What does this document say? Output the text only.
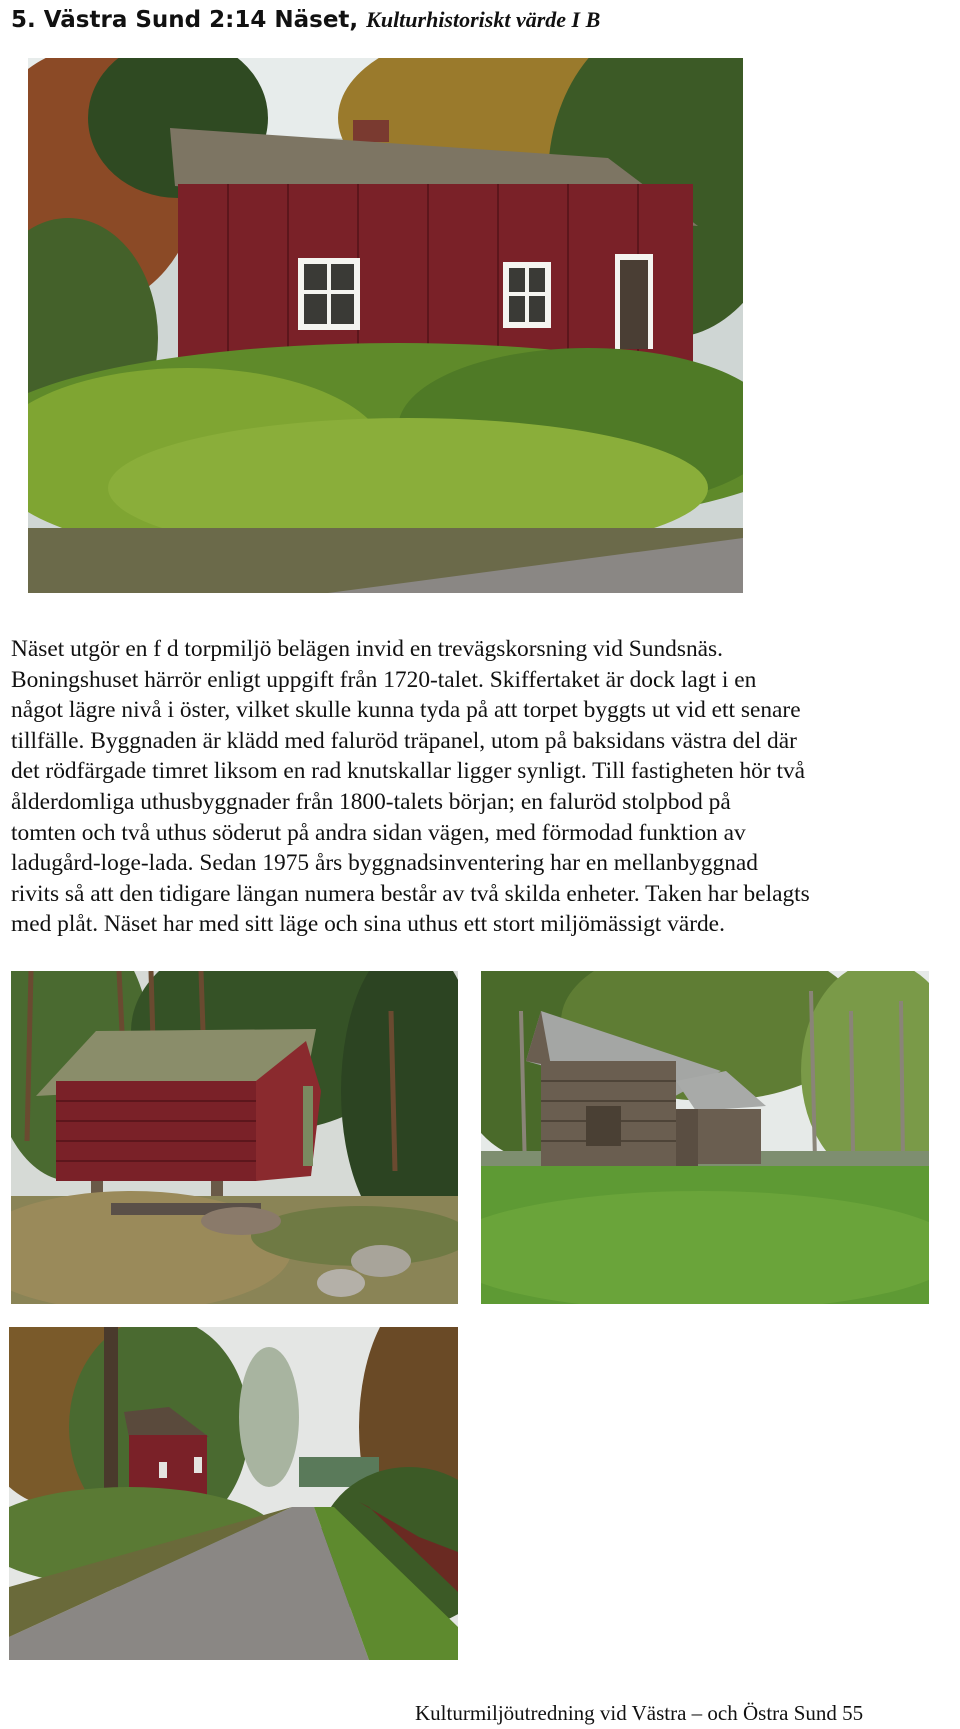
5. Västra Sund 2:14 Näset, Kulturhistoriskt värde I B

Näset utgör en f d torpmiljö belägen invid en trevägskorsning vid Sundsnäs.
Boningshuset härrör enligt uppgift från 1720-talet. Skiffertaket är dock lagt i en
något lägre nivå i öster, vilket skulle kunna tyda på att torpet byggts ut vid ett senare
tillfälle. Byggnaden är klädd med faluröd träpanel, utom på baksidans västra del där
det rödfärgade timret liksom en rad knutskallar ligger synligt. Till fastigheten hör två
ålderdomliga uthusbyggnader från 1800-talets början; en faluröd stolpbod på
tomten och två uthus söderut på andra sidan vägen, med förmodad funktion av
ladugård-loge-lada. Sedan 1975 års byggnadsinventering har en mellanbyggnad
rivits så att den tidigare längan numera består av två skilda enheter. Taken har belagts
med plåt. Näset har med sitt läge och sina uthus ett stort miljömässigt värde.

Kulturmiljöutredning vid Västra – och Östra Sund 55
